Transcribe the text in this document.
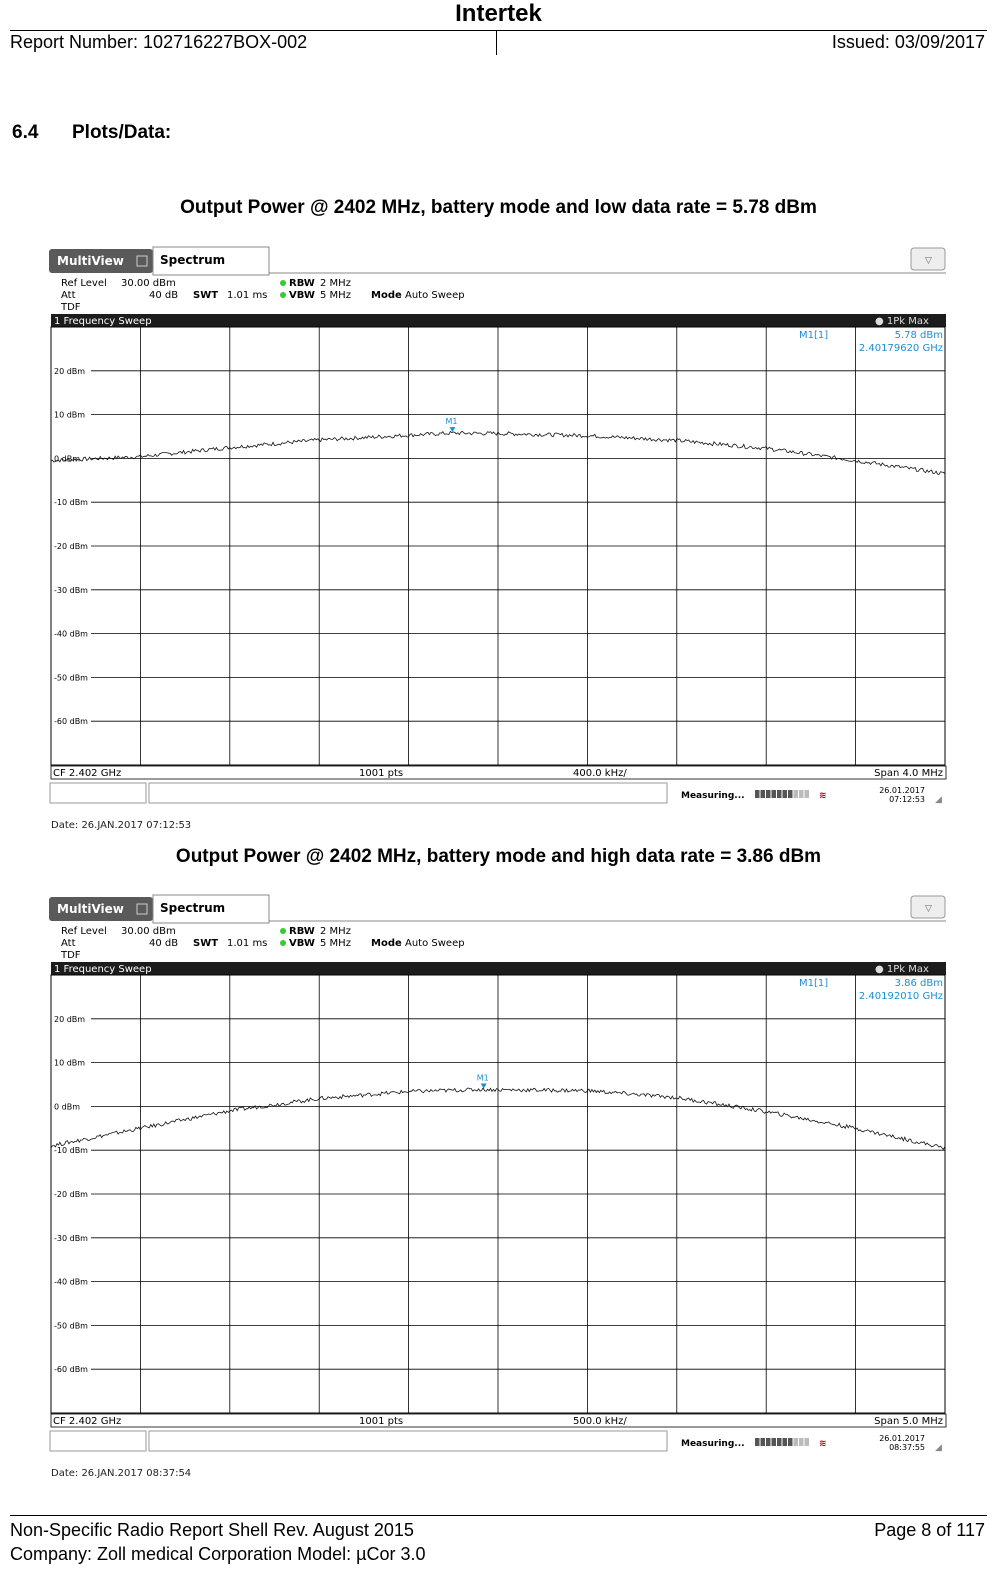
Intertek
Report Number: 102716227BOX-002	Issued: 03/09/2017
6.4 Plots/Data:
Output Power @ 2402 MHz, battery mode and low data rate = 5.78 dBm
MultiView	Spectrum	▽
Ref Level 30.00 dBm
Att	40 dB SWT 1.01 ms
RBW 2 MHz
VBW 5 MHz Mode Auto Sweep
TDF
1 Frequency Sweep	● 1Pk Max
20 dBm
10 dBm
0 dBm
-10 dBm
-20 dBm
-30 dBm
-40 dBm
-50 dBm
-60 dBm
M1
M1[1]	5.78 dBm
2.40179620 GHz
CF 2.402 GHz	1001 pts	400.0 kHz/	Span 4.0 MHz
Measuring...	≋
26.01.2017
07:12:53 ◢
Date: 26.JAN.2017 07:12:53
Output Power @ 2402 MHz, battery mode and high data rate = 3.86 dBm
MultiView	Spectrum	▽
Ref Level 30.00 dBm
Att	40 dB SWT 1.01 ms
RBW 2 MHz
VBW 5 MHz Mode Auto Sweep
TDF
1 Frequency Sweep	● 1Pk Max
20 dBm
10 dBm
0 dBm
-10 dBm
-20 dBm
-30 dBm
-40 dBm
-50 dBm
-60 dBm
M1
M1[1]	3.86 dBm
2.40192010 GHz
CF 2.402 GHz	1001 pts	500.0 kHz/	Span 5.0 MHz
Measuring...	≋
26.01.2017
08:37:55 ◢
Date: 26.JAN.2017 08:37:54
Non-Specific Radio Report Shell Rev. August 2015	Page 8 of 117
Company: Zoll medical Corporation Model: µCor 3.0
